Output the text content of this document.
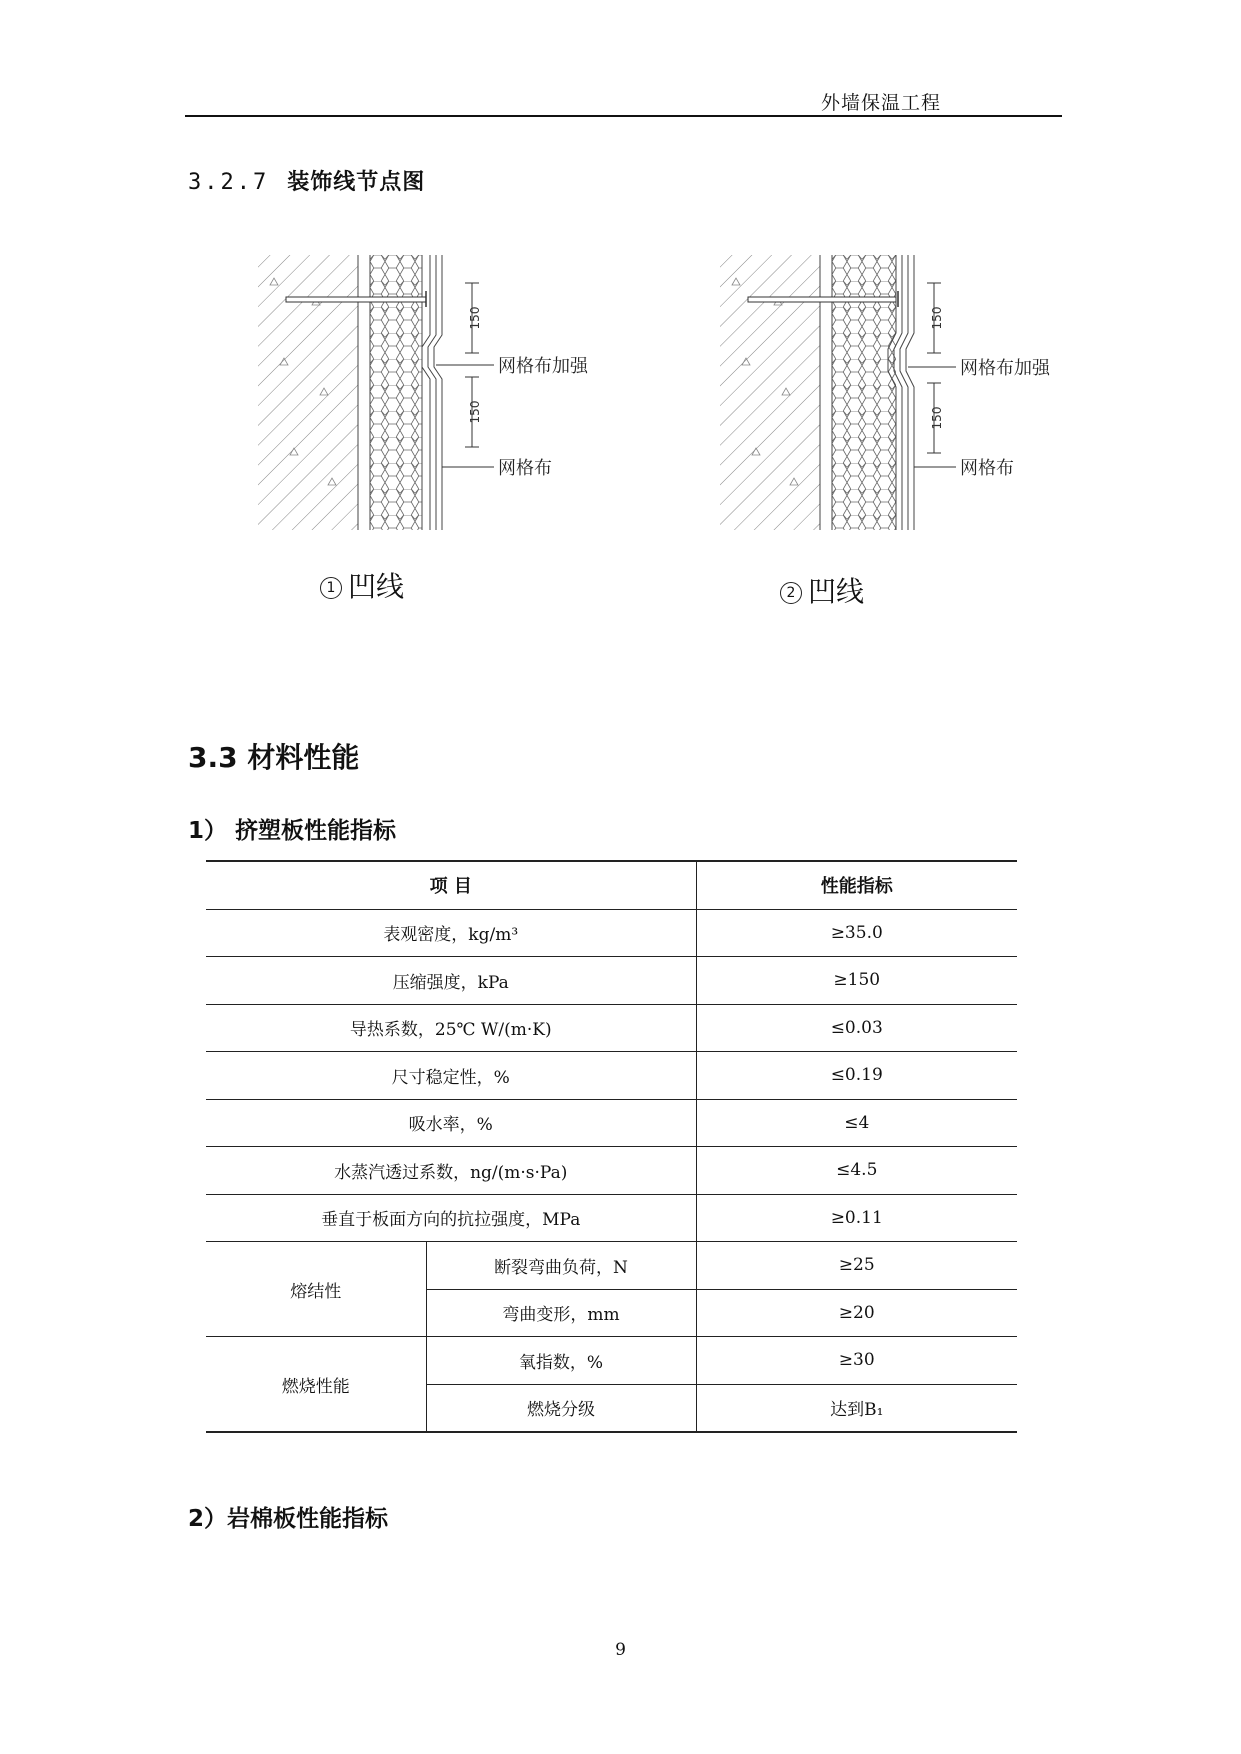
外墙保温工程
3.2.7 装饰线节点图
150
150
网格布加强
网格布
1 凹线
150
150
网格布加强
网格布
2 凹线
3.3 材料性能
1） 挤塑板性能指标
项 目		性能指标
表观密度，kg/m³		≥35.0
压缩强度，kPa		≥150
导热系数，25℃ W/(m·K)		≤0.03
尺寸稳定性，%		≤0.19
吸水率，%		≤4
水蒸汽透过系数，ng/(m·s·Pa)		≤4.5
垂直于板面方向的抗拉强度，MPa		≥0.11
熔结性	断裂弯曲负荷，N	≥25
	弯曲变形，mm	≥20
燃烧性能	氧指数，%	≥30
	燃烧分级	达到B₁
2）岩棉板性能指标
9
